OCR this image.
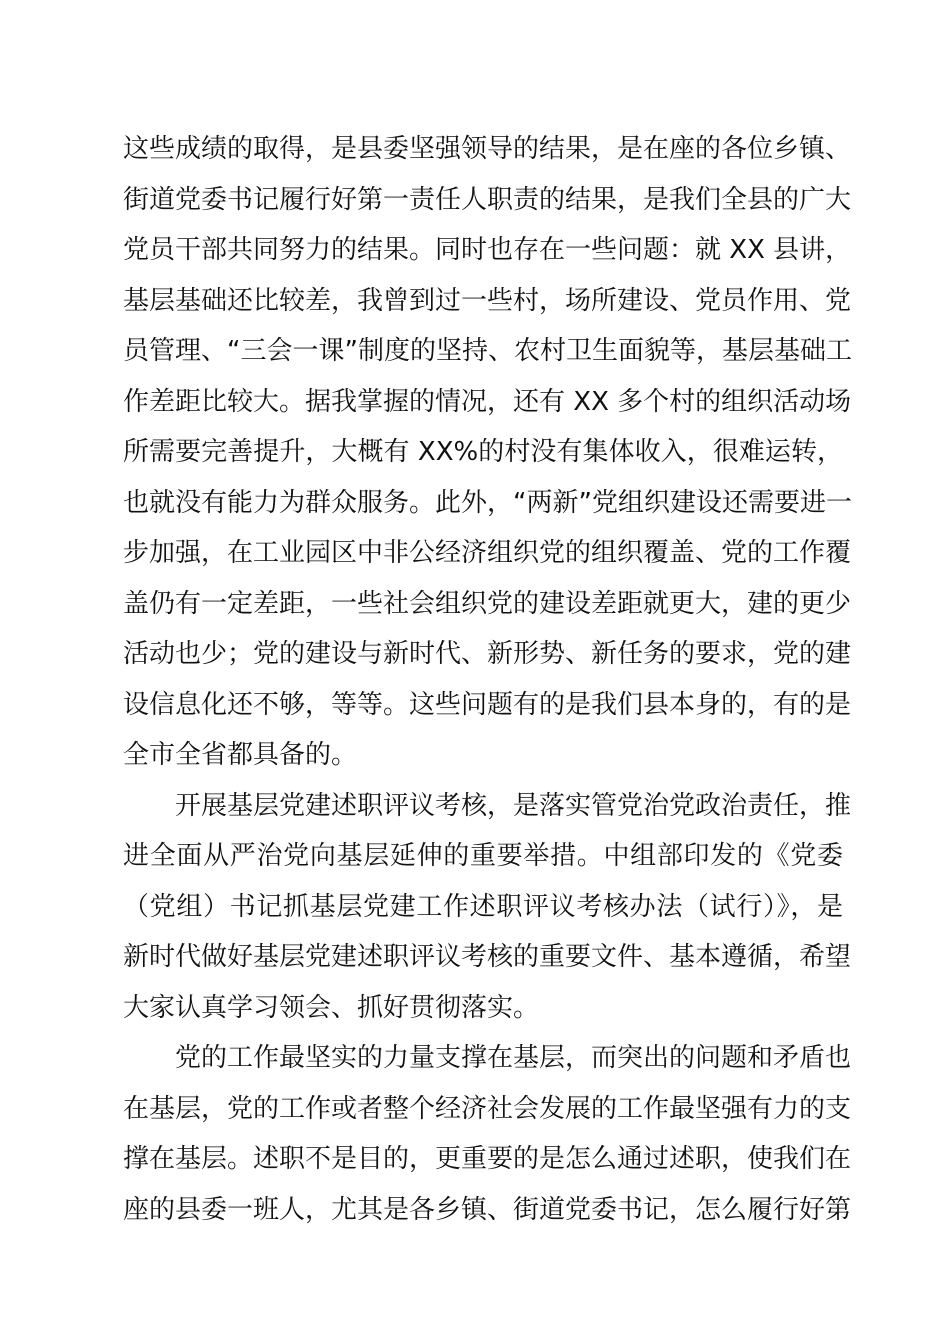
这些成绩的取得，是县委坚强领导的结果，是在座的各位乡镇、
街道党委书记履行好第一责任人职责的结果，是我们全县的广大
党员干部共同努力的结果。同时也存在一些问题：就 XX 县讲，
基层基础还比较差，我曾到过一些村，场所建设、党员作用、党
员管理、“三会一课”制度的坚持、农村卫生面貌等，基层基础工
作差距比较大。据我掌握的情况，还有 XX 多个村的组织活动场
所需要完善提升，大概有 XX%的村没有集体收入，很难运转，
也就没有能力为群众服务。此外，“两新”党组织建设还需要进一
步加强，在工业园区中非公经济组织党的组织覆盖、党的工作覆
盖仍有一定差距，一些社会组织党的建设差距就更大，建的更少
活动也少；党的建设与新时代、新形势、新任务的要求，党的建
设信息化还不够，等等。这些问题有的是我们县本身的，有的是
全市全省都具备的。
开展基层党建述职评议考核，是落实管党治党政治责任，推
进全面从严治党向基层延伸的重要举措。中组部印发的《党委
（党组）书记抓基层党建工作述职评议考核办法（试行）》，是
新时代做好基层党建述职评议考核的重要文件、基本遵循，希望
大家认真学习领会、抓好贯彻落实。
党的工作最坚实的力量支撑在基层，而突出的问题和矛盾也
在基层，党的工作或者整个经济社会发展的工作最坚强有力的支
撑在基层。述职不是目的，更重要的是怎么通过述职，使我们在
座的县委一班人，尤其是各乡镇、街道党委书记，怎么履行好第
